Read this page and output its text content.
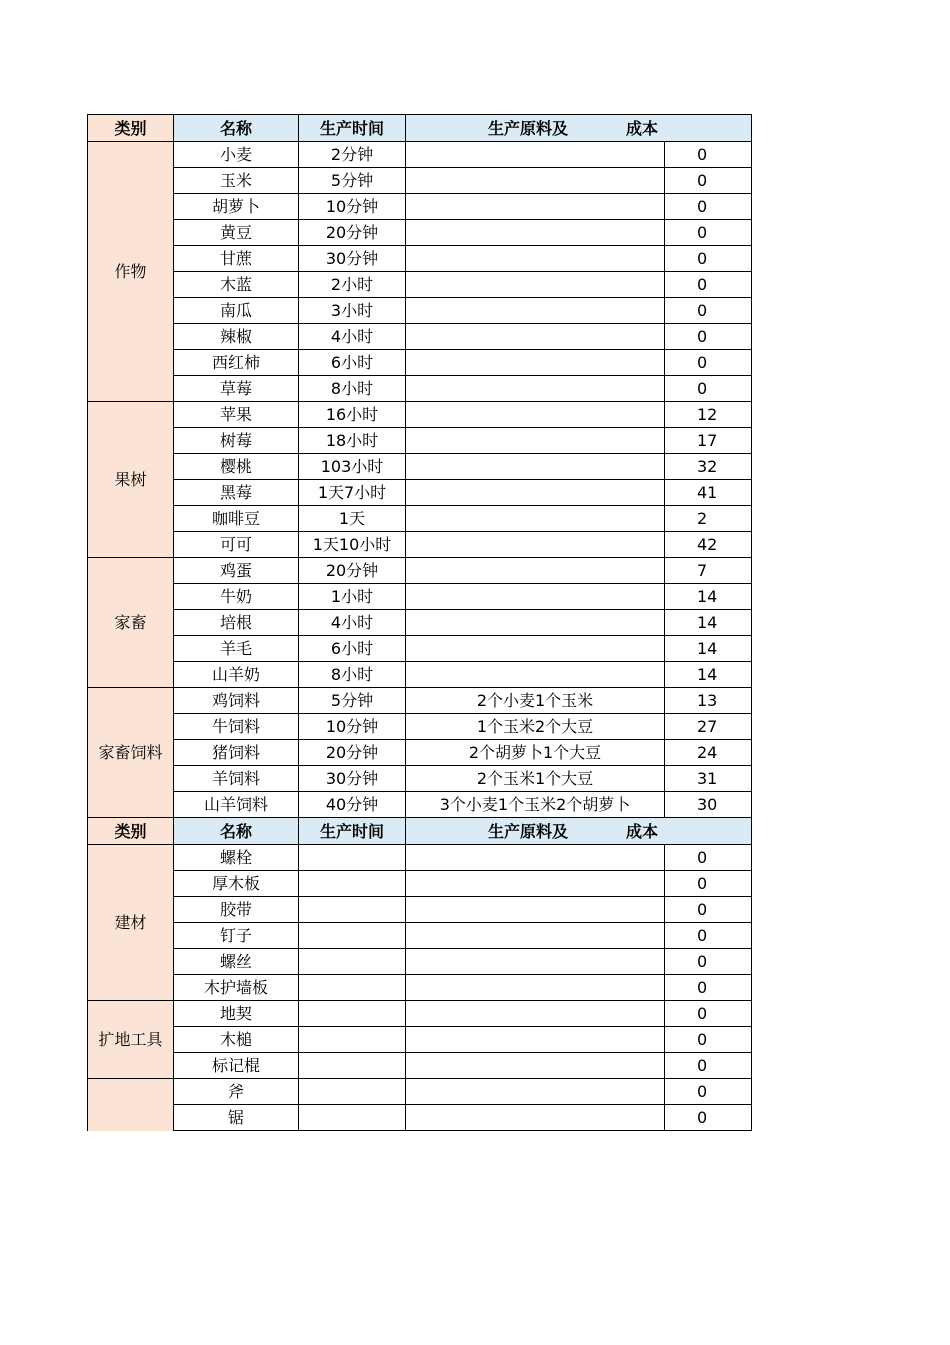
类别	名称	生产时间	生产原料及 成本	
作物	小麦	2分钟		0
	玉米	5分钟		0
	胡萝卜	10分钟		0
	黄豆	20分钟		0
	甘蔗	30分钟		0
	木蓝	2小时		0
	南瓜	3小时		0
	辣椒	4小时		0
	西红柿	6小时		0
	草莓	8小时		0
果树	苹果	16小时		12
	树莓	18小时		17
	樱桃	103小时		32
	黑莓	1天7小时		41
	咖啡豆	1天		2
	可可	1天10小时		42
家畜	鸡蛋	20分钟		7
	牛奶	1小时		14
	培根	4小时		14
	羊毛	6小时		14
	山羊奶	8小时		14
家畜饲料	鸡饲料	5分钟	2个小麦1个玉米	13
	牛饲料	10分钟	1个玉米2个大豆	27
	猪饲料	20分钟	2个胡萝卜1个大豆	24
	羊饲料	30分钟	2个玉米1个大豆	31
	山羊饲料	40分钟	3个小麦1个玉米2个胡萝卜	30
类别	名称	生产时间	生产原料及 成本	
建材	螺栓			0
	厚木板			0
	胶带			0
	钉子			0
	螺丝			0
	木护墙板			0
扩地工具	地契			0
	木槌			0
	标记棍			0
	斧			0
	锯			0
